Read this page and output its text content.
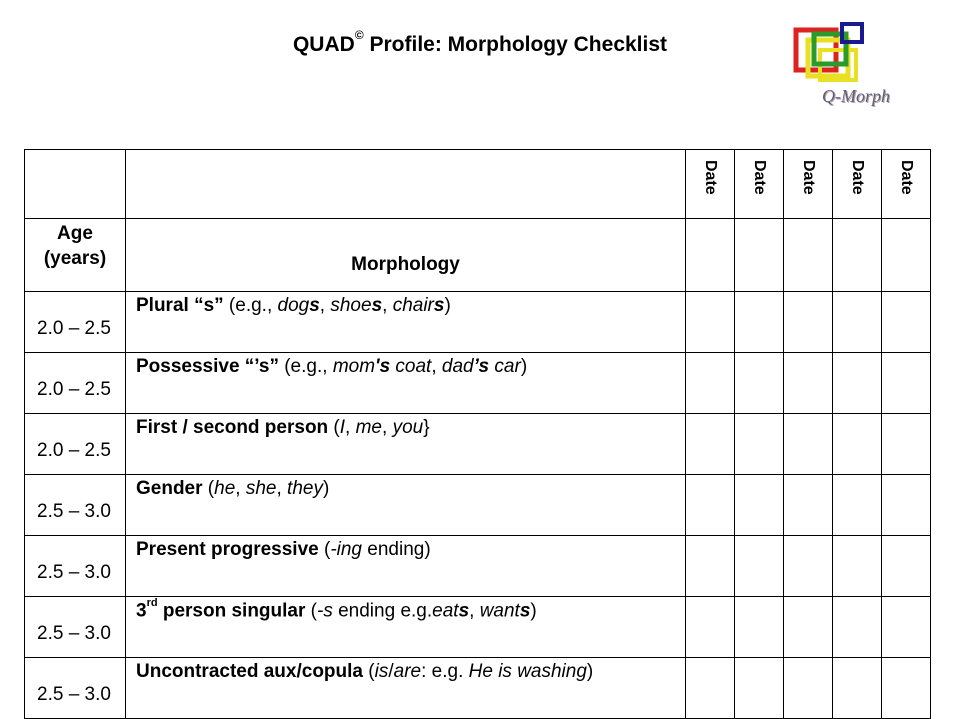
QUAD© Profile: Morphology Checklist
Q-Morph

		Date	Date	Date	Date	Date

Age
(years)	Morphology					
2.0 – 2.5	Plural “s” (e.g., dogs, shoes, chairs)					
2.0 – 2.5	Possessive “’s” (e.g., mom's coat, dad’s car)					
2.0 – 2.5	First / second person (I, me, you}					
2.5 – 3.0	Gender (he, she, they)					
2.5 – 3.0	Present progressive (-ing ending)					
2.5 – 3.0	3rd person singular (-s ending e.g.eats, wants)					
2.5 – 3.0	Uncontracted aux/copula (is/are: e.g. He is washing)					
